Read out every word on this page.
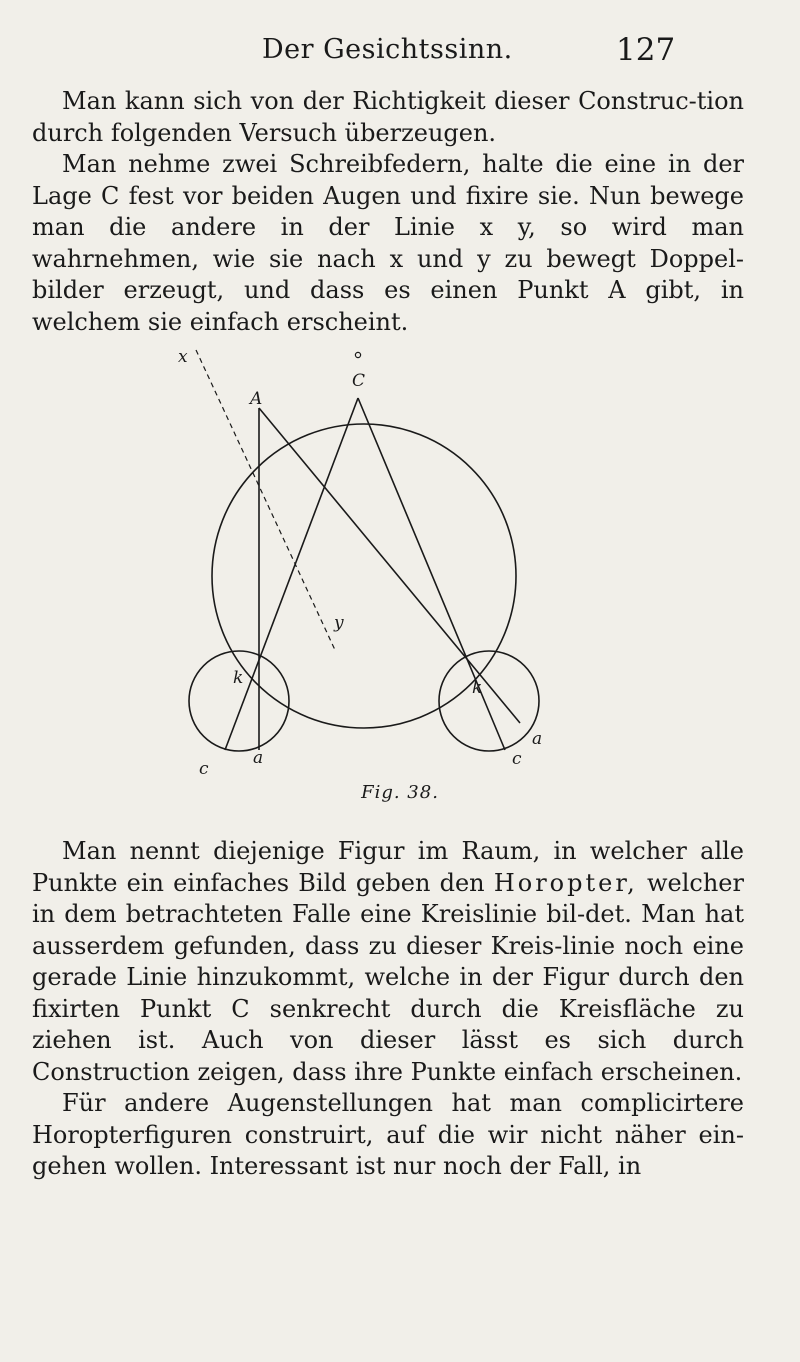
Der Gesichtssinn.	127

Man kann sich von der Richtigkeit dieser Construc-tion durch folgenden Versuch überzeugen.

Man nehme zwei Schreibfedern, halte die eine in der Lage C fest vor beiden Augen und fixire sie. Nun bewege man die andere in der Linie x y, so wird man wahrnehmen, wie sie nach x und y zu bewegt Doppel-bilder erzeugt, und dass es einen Punkt A gibt, in welchem sie einfach erscheint.

x
A
C
y
k	k
c
a	c
a
Fig. 38.

Man nennt diejenige Figur im Raum, in welcher alle Punkte ein einfaches Bild geben den Horopter, welcher in dem betrachteten Falle eine Kreislinie bil-det. Man hat ausserdem gefunden, dass zu dieser Kreis-linie noch eine gerade Linie hinzukommt, welche in der Figur durch den fixirten Punkt C senkrecht durch die Kreisfläche zu ziehen ist. Auch von dieser lässt es sich durch Construction zeigen, dass ihre Punkte einfach erscheinen.

Für andere Augenstellungen hat man complicirtere Horopterfiguren construirt, auf die wir nicht näher ein-gehen wollen. Interessant ist nur noch der Fall, in
